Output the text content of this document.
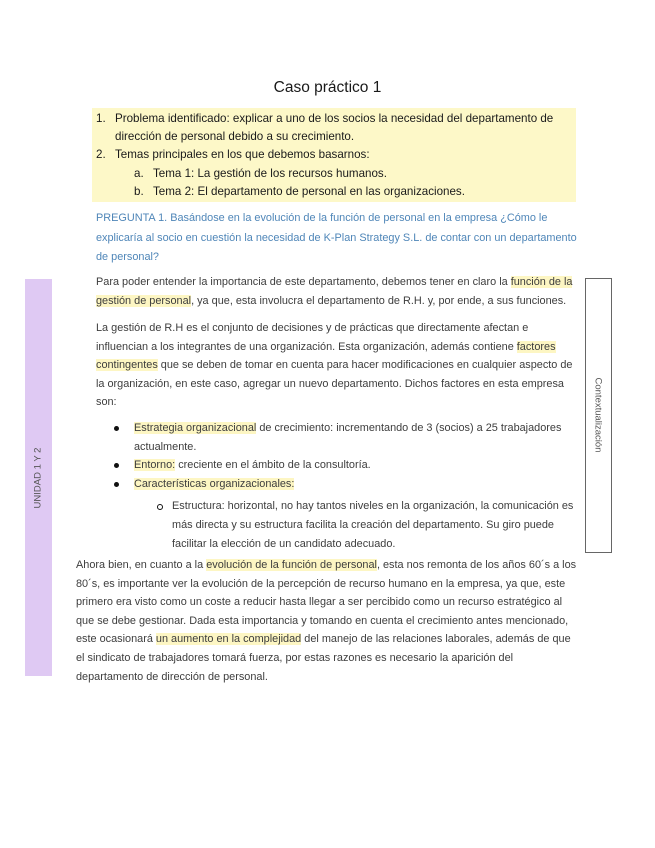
Caso práctico 1
1. Problema identificado: explicar a uno de los socios la necesidad del departamento de dirección de personal debido a su crecimiento.
2. Temas principales en los que debemos basarnos:
a. Tema 1: La gestión de los recursos humanos.
b. Tema 2: El departamento de personal en las organizaciones.
PREGUNTA 1. Basándose en la evolución de la función de personal en la empresa ¿Cómo le explicaría al socio en cuestión la necesidad de K-Plan Strategy S.L. de contar con un departamento de personal?
Para poder entender la importancia de este departamento, debemos tener en claro la función de la gestión de personal, ya que, esta involucra el departamento de R.H. y, por ende, a sus funciones.
La gestión de R.H es el conjunto de decisiones y de prácticas que directamente afectan e influencian a los integrantes de una organización. Esta organización, además contiene factores contingentes que se deben de tomar en cuenta para hacer modificaciones en cualquier aspecto de la organización, en este caso, agregar un nuevo departamento. Dichos factores en esta empresa son:
Estrategia organizacional de crecimiento: incrementando de 3 (socios) a 25 trabajadores actualmente.
Entorno: creciente en el ámbito de la consultoría.
Características organizacionales:
Estructura: horizontal, no hay tantos niveles en la organización, la comunicación es más directa y su estructura facilita la creación del departamento. Su giro puede facilitar la elección de un candidato adecuado.
Ahora bien, en cuanto a la evolución de la función de personal, esta nos remonta de los años 60´s a los 80´s, es importante ver la evolución de la percepción de recurso humano en la empresa, ya que, este primero era visto como un coste a reducir hasta llegar a ser percibido como un recurso estratégico al que se debe gestionar. Dada esta importancia y tomando en cuenta el crecimiento antes mencionado, este ocasionará un aumento en la complejidad del manejo de las relaciones laborales, además de que el sindicato de trabajadores tomará fuerza, por estas razones es necesario la aparición del departamento de dirección de personal.
UNIDAD 1 Y 2
Contextualización
